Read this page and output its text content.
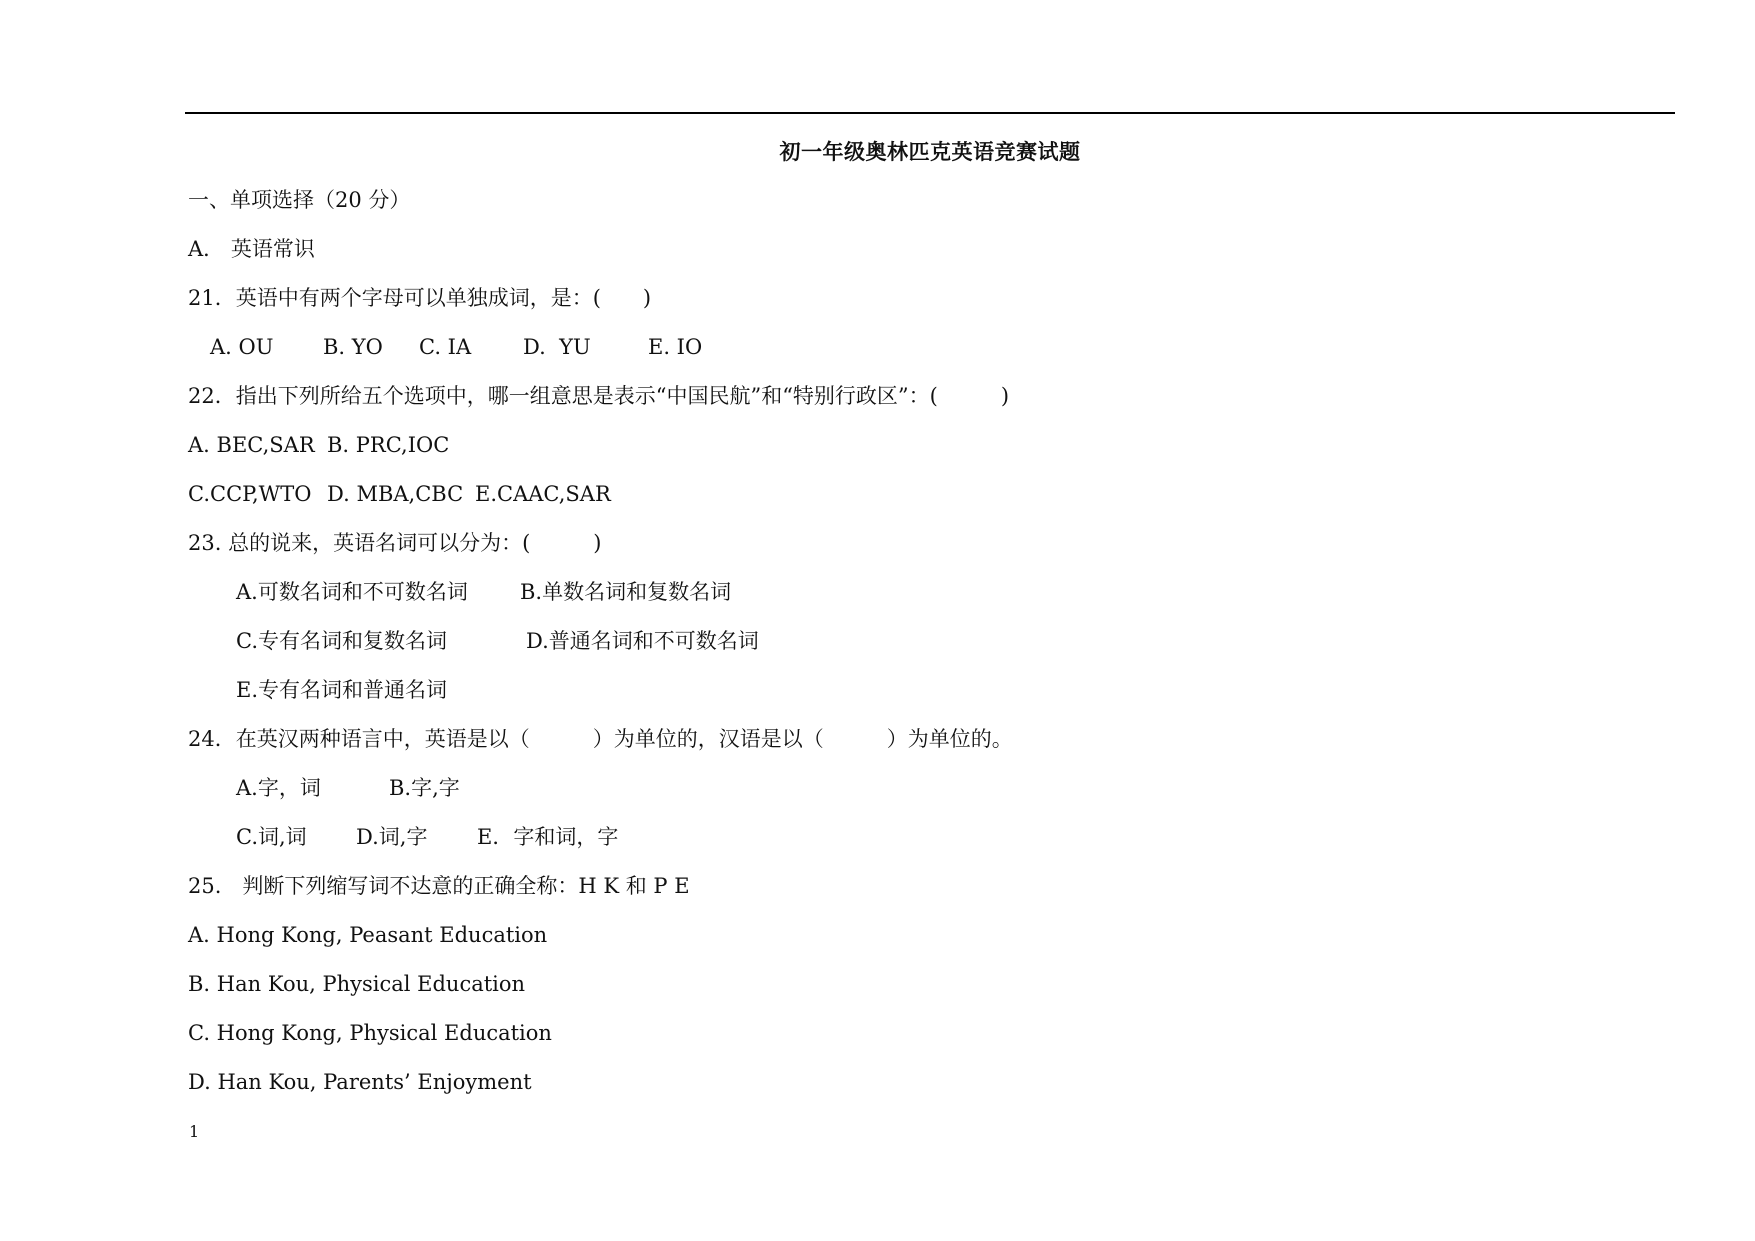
初一年级奥林匹克英语竞赛试题
一、单项选择（20 分）
A． 英语常识
21．英语中有两个字母可以单独成词，是：(　　)
A. OU B. YO C. IA D.  YU	E. IO
22．指出下列所给五个选项中，哪一组意思是表示“中国民航”和“特别行政区”：(　　　)
A. BEC,SAR B. PRC,IOC
C.CCP,WTO D. MBA,CBC E.CAAC,SAR
23. 总的说来，英语名词可以分为：(　　　)
A.可数名词和不可数名词 B.单数名词和复数名词
C.专有名词和复数名词	D.普通名词和不可数名词
E.专有名词和普通名词
24．在英汉两种语言中，英语是以（　　　）为单位的，汉语是以（　　　）为单位的。
A.字，词	B.字,字
C.词,词 D.词,字 E．字和词，字
25.　判断下列缩写词不达意的正确全称：H K 和 P E
A. Hong Kong, Peasant Education
B. Han Kou, Physical Education
C. Hong Kong, Physical Education
D. Han Kou, Parents’ Enjoyment
1
